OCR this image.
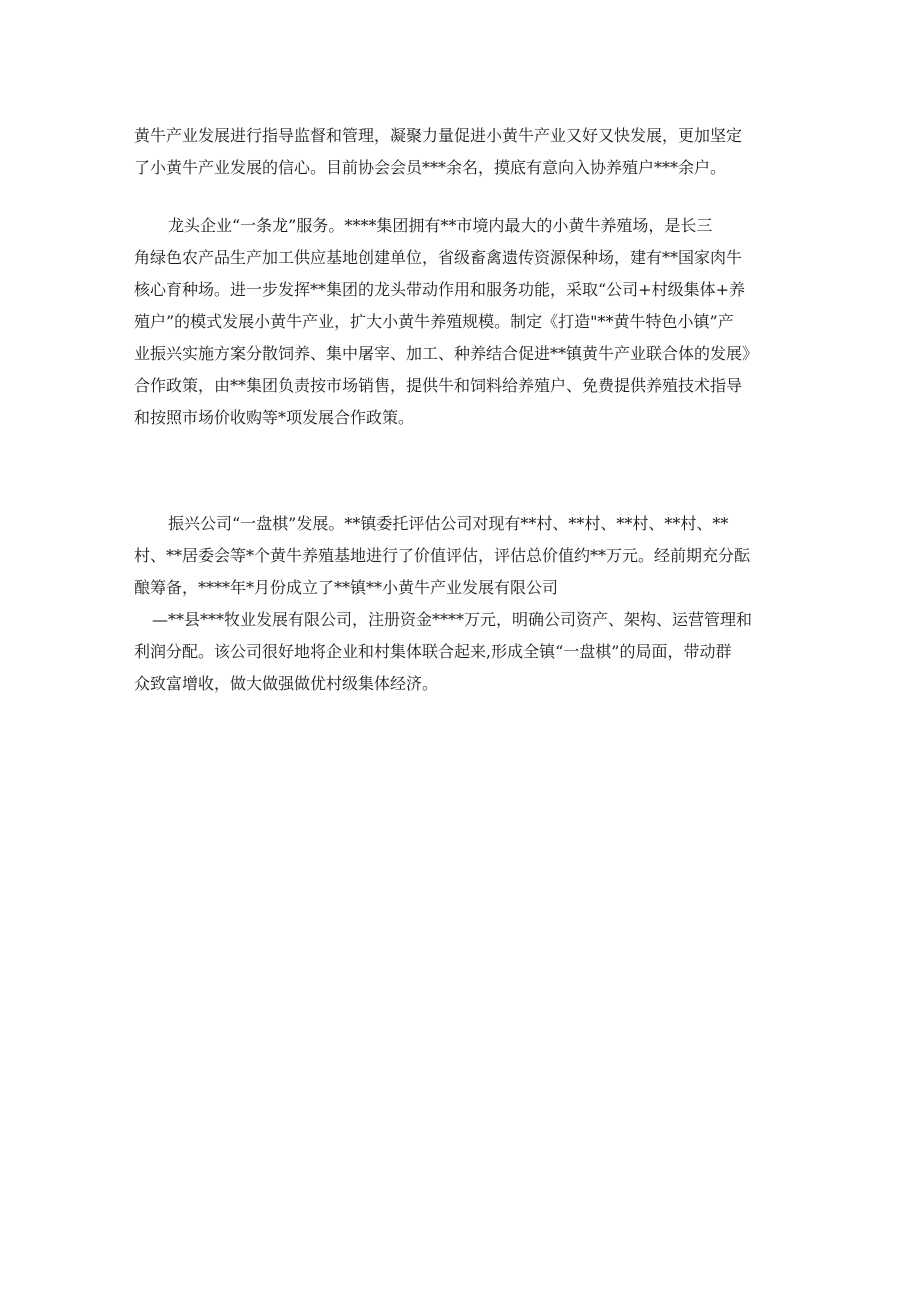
黄牛产业发展进行指导监督和管理，凝聚力量促进小黄牛产业又好又快发展，更加坚定
了小黄牛产业发展的信心。目前协会会员***余名，摸底有意向入协养殖户***余户。
龙头企业“一条龙”服务。****集团拥有**市境内最大的小黄牛养殖场，是长三
角绿色农产品生产加工供应基地创建单位，省级畜禽遗传资源保种场，建有**国家肉牛
核心育种场。进一步发挥**集团的龙头带动作用和服务功能，采取“公司+村级集体+养
殖户”的模式发展小黄牛产业，扩大小黄牛养殖规模。制定《打造"**黄牛特色小镇”产
业振兴实施方案分散饲养、集中屠宰、加工、种养结合促进**镇黄牛产业联合体的发展》
合作政策，由**集团负责按市场销售，提供牛和饲料给养殖户、免费提供养殖技术指导
和按照市场价收购等*项发展合作政策。
振兴公司“一盘棋”发展。**镇委托评估公司对现有**村、**村、**村、**村、**
村、**居委会等*个黄牛养殖基地进行了价值评估，评估总价值约**万元。经前期充分酝
酿筹备，****年*月份成立了**镇**小黄牛产业发展有限公司
—**县***牧业发展有限公司，注册资金****万元，明确公司资产、架构、运营管理和
利润分配。该公司很好地将企业和村集体联合起来,形成全镇“一盘棋”的局面，带动群
众致富增收，做大做强做优村级集体经济。
